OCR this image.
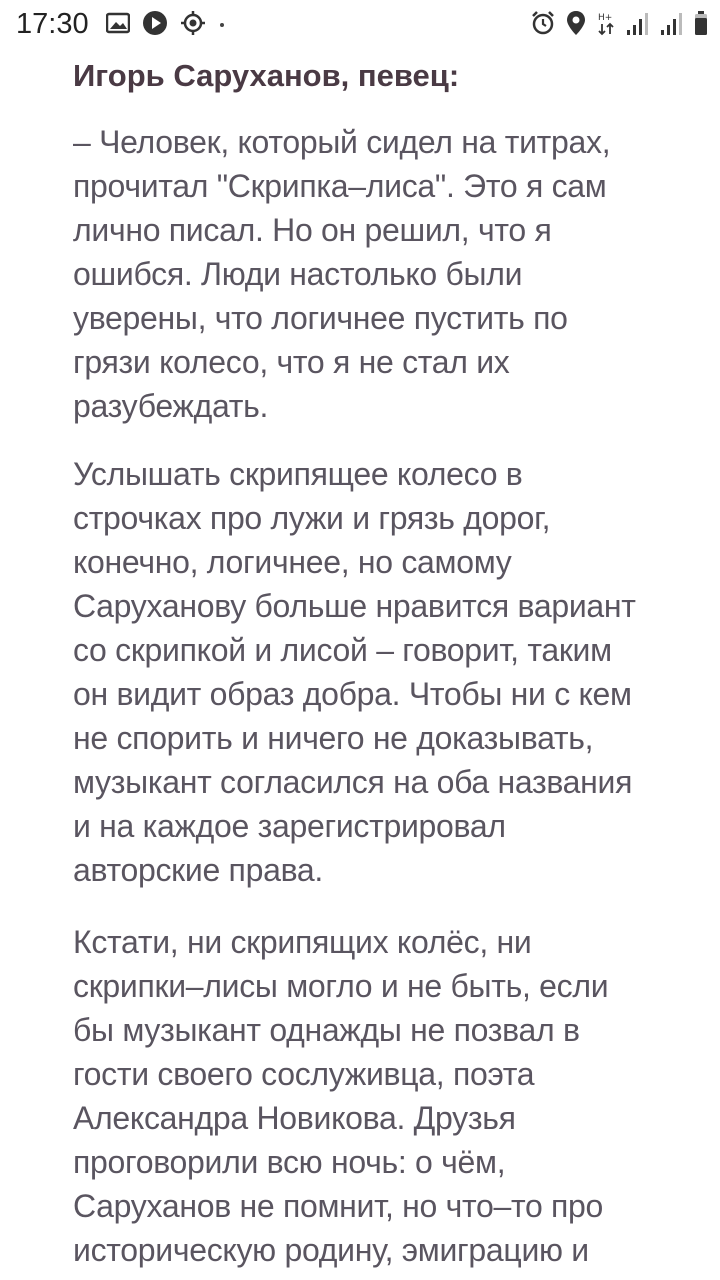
17:30	H+

Игорь Саруханов, певец:

– Человек, который сидел на титрах,
прочитал "Скрипка–лиса". Это я сам
лично писал. Но он решил, что я
ошибся. Люди настолько были
уверены, что логичнее пустить по
грязи колесо, что я не стал их
разубеждать.
Услышать скрипящее колесо в
строчках про лужи и грязь дорог,
конечно, логичнее, но самому
Саруханову больше нравится вариант
со скрипкой и лисой – говорит, таким
он видит образ добра. Чтобы ни с кем
не спорить и ничего не доказывать,
музыкант согласился на оба названия
и на каждое зарегистрировал
авторские права.
Кстати, ни скрипящих колёс, ни
скрипки–лисы могло и не быть, если
бы музыкант однажды не позвал в
гости своего сослуживца, поэта
Александра Новикова. Друзья
проговорили всю ночь: о чём,
Саруханов не помнит, но что–то про
историческую родину, эмиграцию и
